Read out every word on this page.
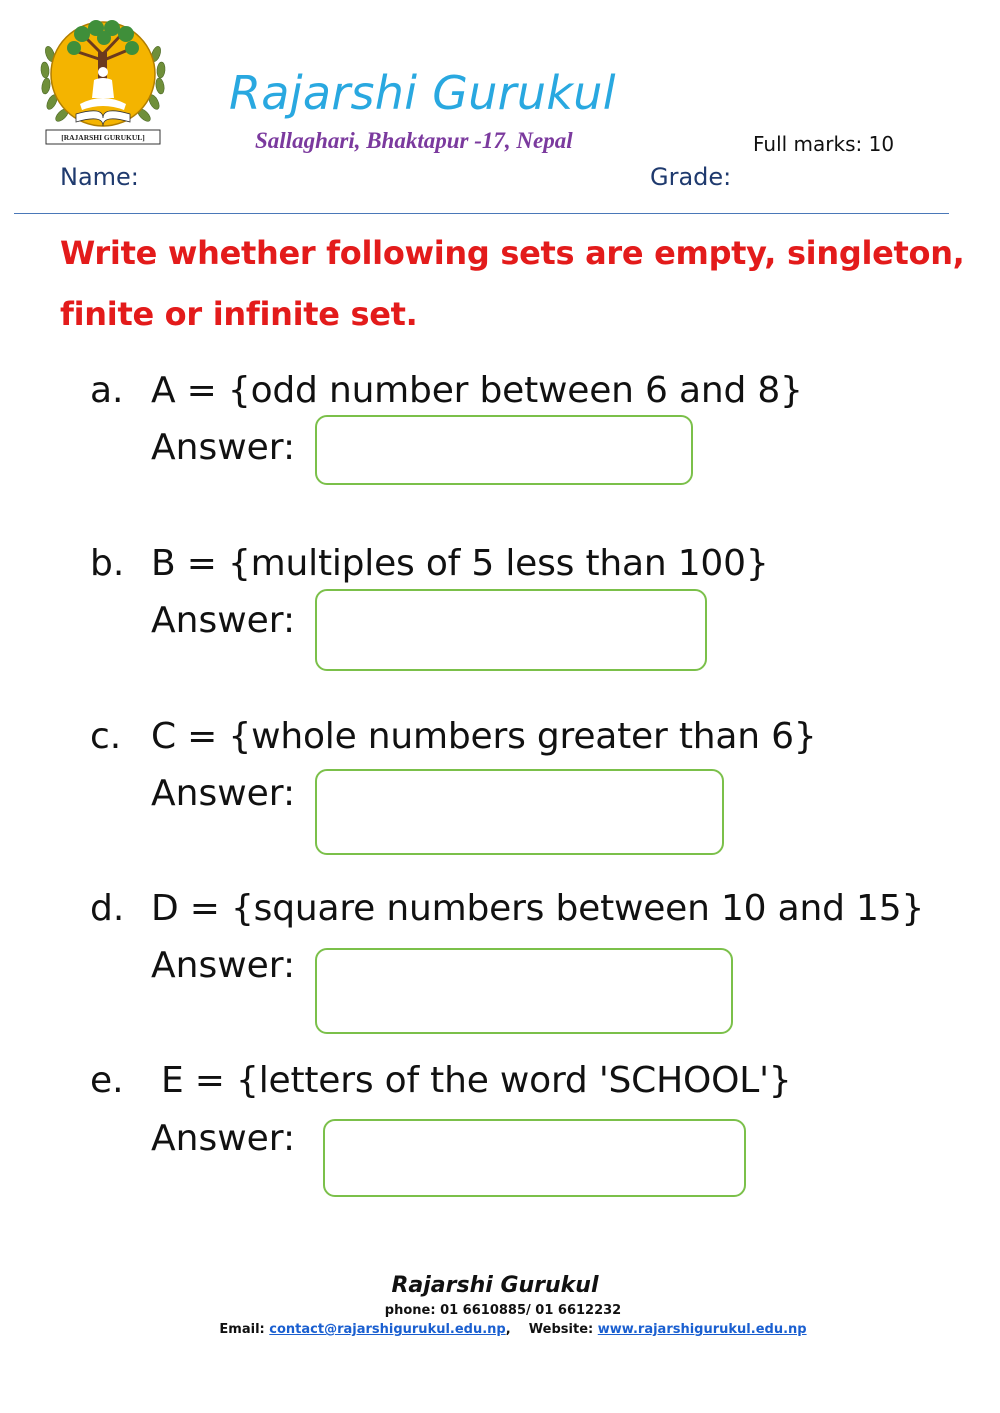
[RAJARSHI GURUKUL]
Rajarshi Gurukul
Sallaghari, Bhaktapur -17, Nepal	Full marks: 10
Name:	Grade:
Write whether following sets are empty, singleton,
finite or infinite set.
a. A = {odd number between 6 and 8}
Answer:
b. B = {multiples of 5 less than 100}
Answer:
c. C = {whole numbers greater than 6}
Answer:
d. D = {square numbers between 10 and 15}
Answer:
e. E = {letters of the word 'SCHOOL'}
Answer:
Rajarshi Gurukul
phone: 01 6610885/ 01 6612232
Email: contact@rajarshigurukul.edu.np,    Website: www.rajarshigurukul.edu.np
